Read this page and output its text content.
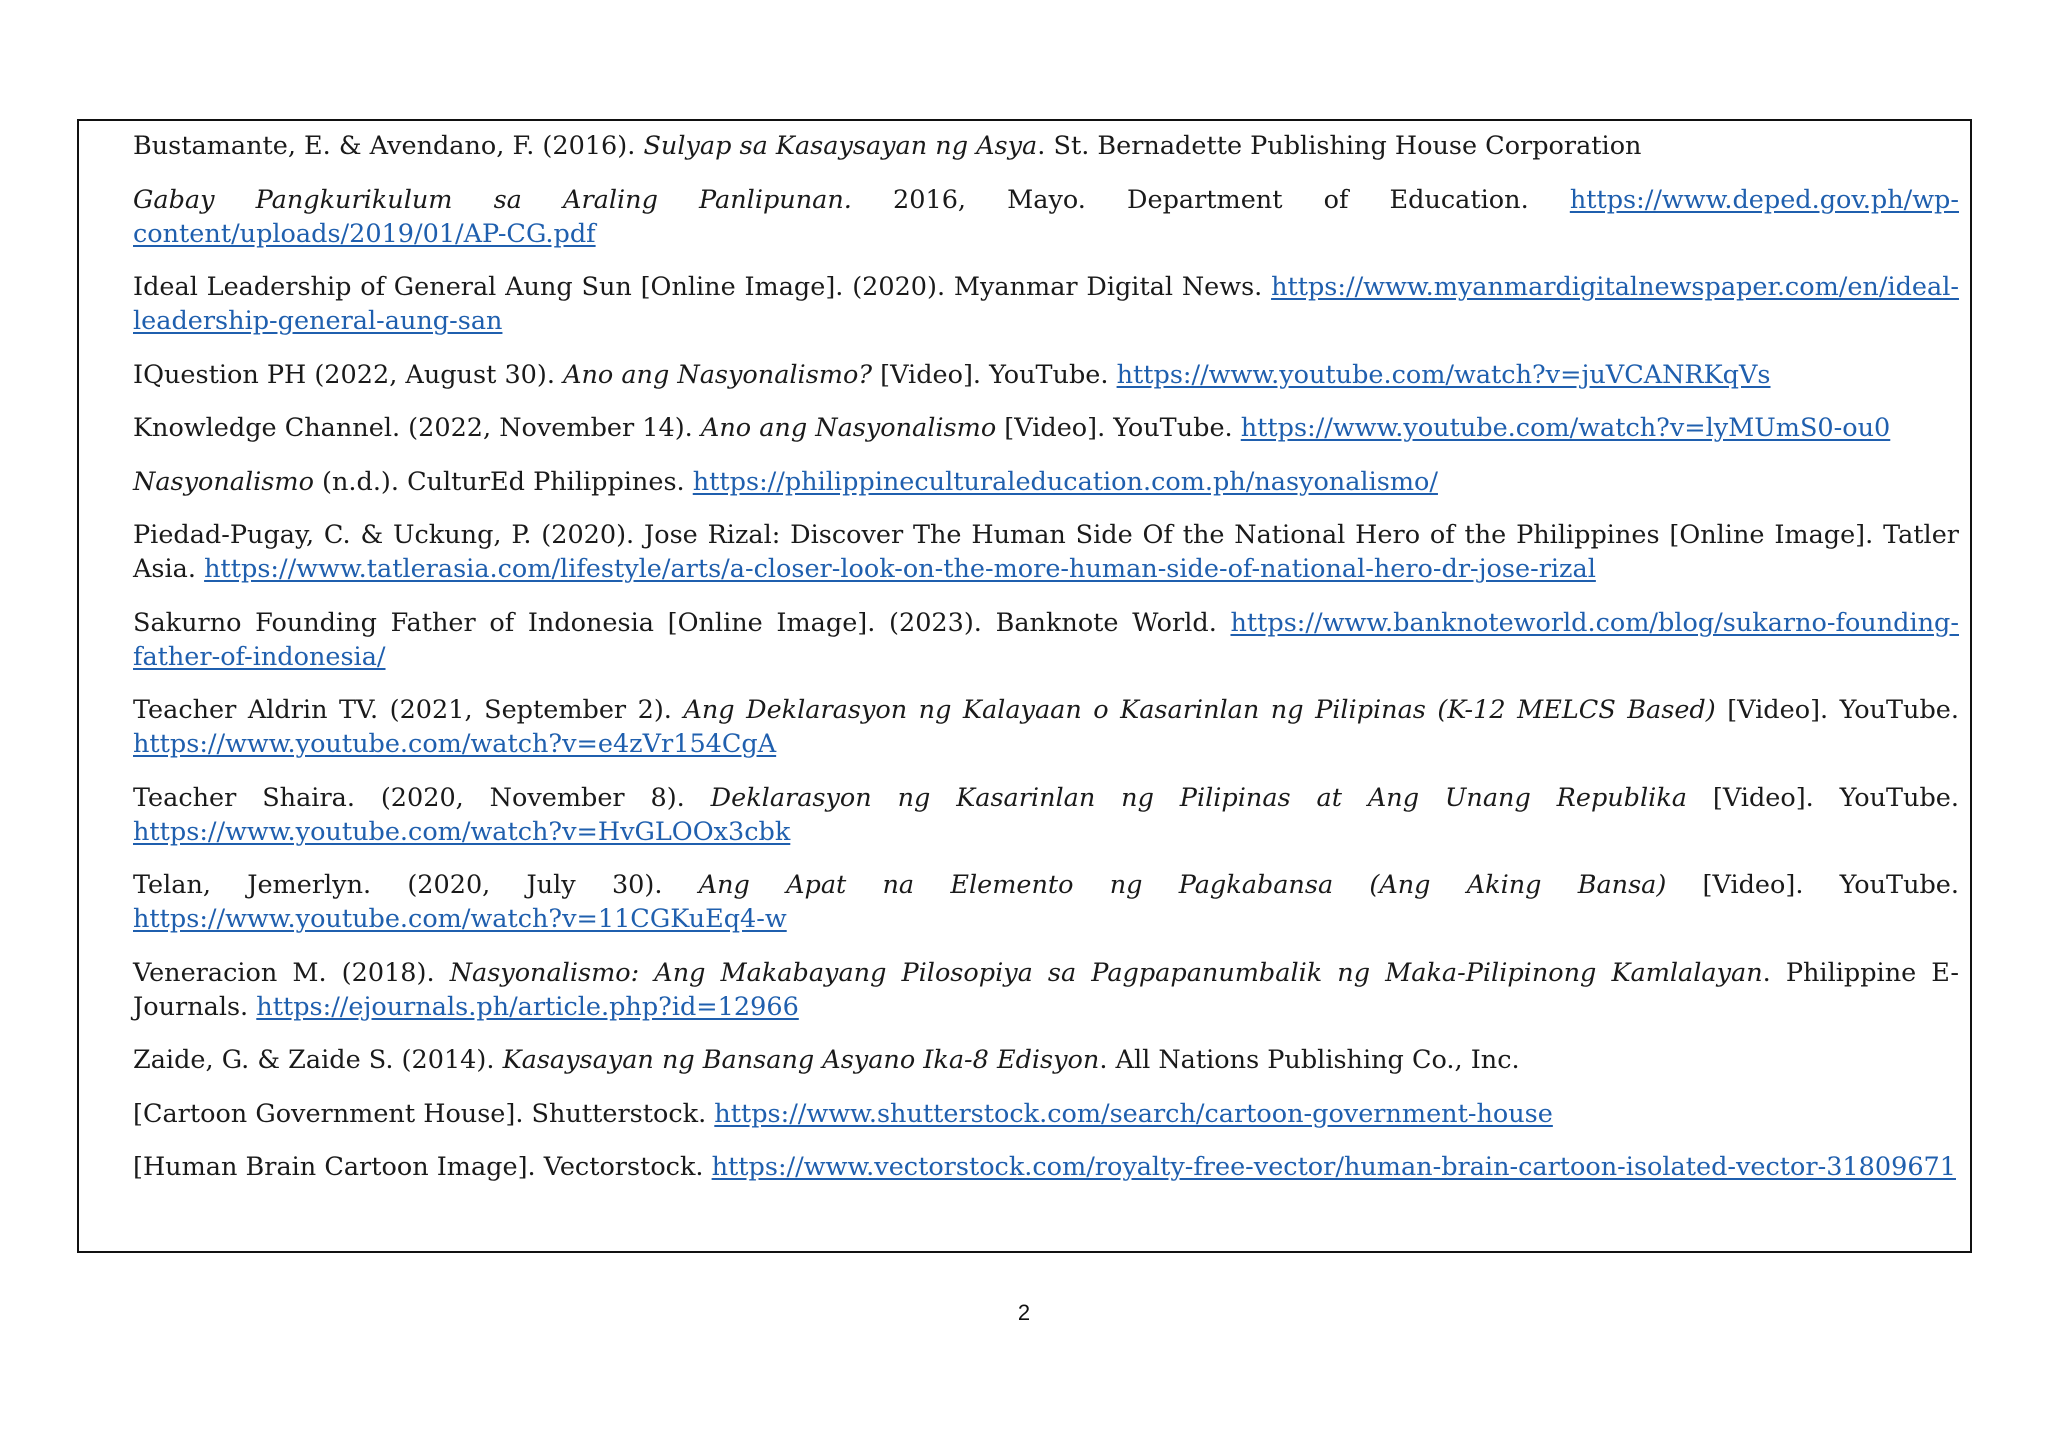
Bustamante, E. & Avendano, F. (2016). Sulyap sa Kasaysayan ng Asya. St. Bernadette Publishing House Corporation

Gabay Pangkurikulum sa Araling Panlipunan. 2016, Mayo. Department of Education. https://www.deped.gov.ph/wp-content/uploads/2019/01/AP-CG.pdf

Ideal Leadership of General Aung Sun [Online Image]. (2020). Myanmar Digital News. https://www.myanmardigitalnewspaper.com/en/ideal-leadership-general-aung-san

IQuestion PH (2022, August 30). Ano ang Nasyonalismo? [Video]. YouTube. https://www.youtube.com/watch?v=juVCANRKqVs

Knowledge Channel. (2022, November 14). Ano ang Nasyonalismo [Video]. YouTube. https://www.youtube.com/watch?v=lyMUmS0-ou0

Nasyonalismo (n.d.). CulturEd Philippines. https://philippineculturaleducation.com.ph/nasyonalismo/

Piedad-Pugay, C. & Uckung, P. (2020). Jose Rizal: Discover The Human Side Of the National Hero of the Philippines [Online Image]. Tatler Asia. https://www.tatlerasia.com/lifestyle/arts/a-closer-look-on-the-more-human-side-of-national-hero-dr-jose-rizal

Sakurno Founding Father of Indonesia [Online Image]. (2023). Banknote World. https://www.banknoteworld.com/blog/sukarno-founding-father-of-indonesia/

Teacher Aldrin TV. (2021, September 2). Ang Deklarasyon ng Kalayaan o Kasarinlan ng Pilipinas (K-12 MELCS Based) [Video]. YouTube. https://www.youtube.com/watch?v=e4zVr154CgA

Teacher Shaira. (2020, November 8). Deklarasyon ng Kasarinlan ng Pilipinas at Ang Unang Republika [Video]. YouTube. https://www.youtube.com/watch?v=HvGLOOx3cbk

Telan, Jemerlyn. (2020, July 30). Ang Apat na Elemento ng Pagkabansa (Ang Aking Bansa) [Video]. YouTube. https://www.youtube.com/watch?v=11CGKuEq4-w

Veneracion M. (2018). Nasyonalismo: Ang Makabayang Pilosopiya sa Pagpapanumbalik ng Maka-Pilipinong Kamlalayan. Philippine E-Journals. https://ejournals.ph/article.php?id=12966

Zaide, G. & Zaide S. (2014). Kasaysayan ng Bansang Asyano Ika-8 Edisyon. All Nations Publishing Co., Inc.

[Cartoon Government House]. Shutterstock. https://www.shutterstock.com/search/cartoon-government-house

[Human Brain Cartoon Image]. Vectorstock. https://www.vectorstock.com/royalty-free-vector/human-brain-cartoon-isolated-vector-31809671

2
